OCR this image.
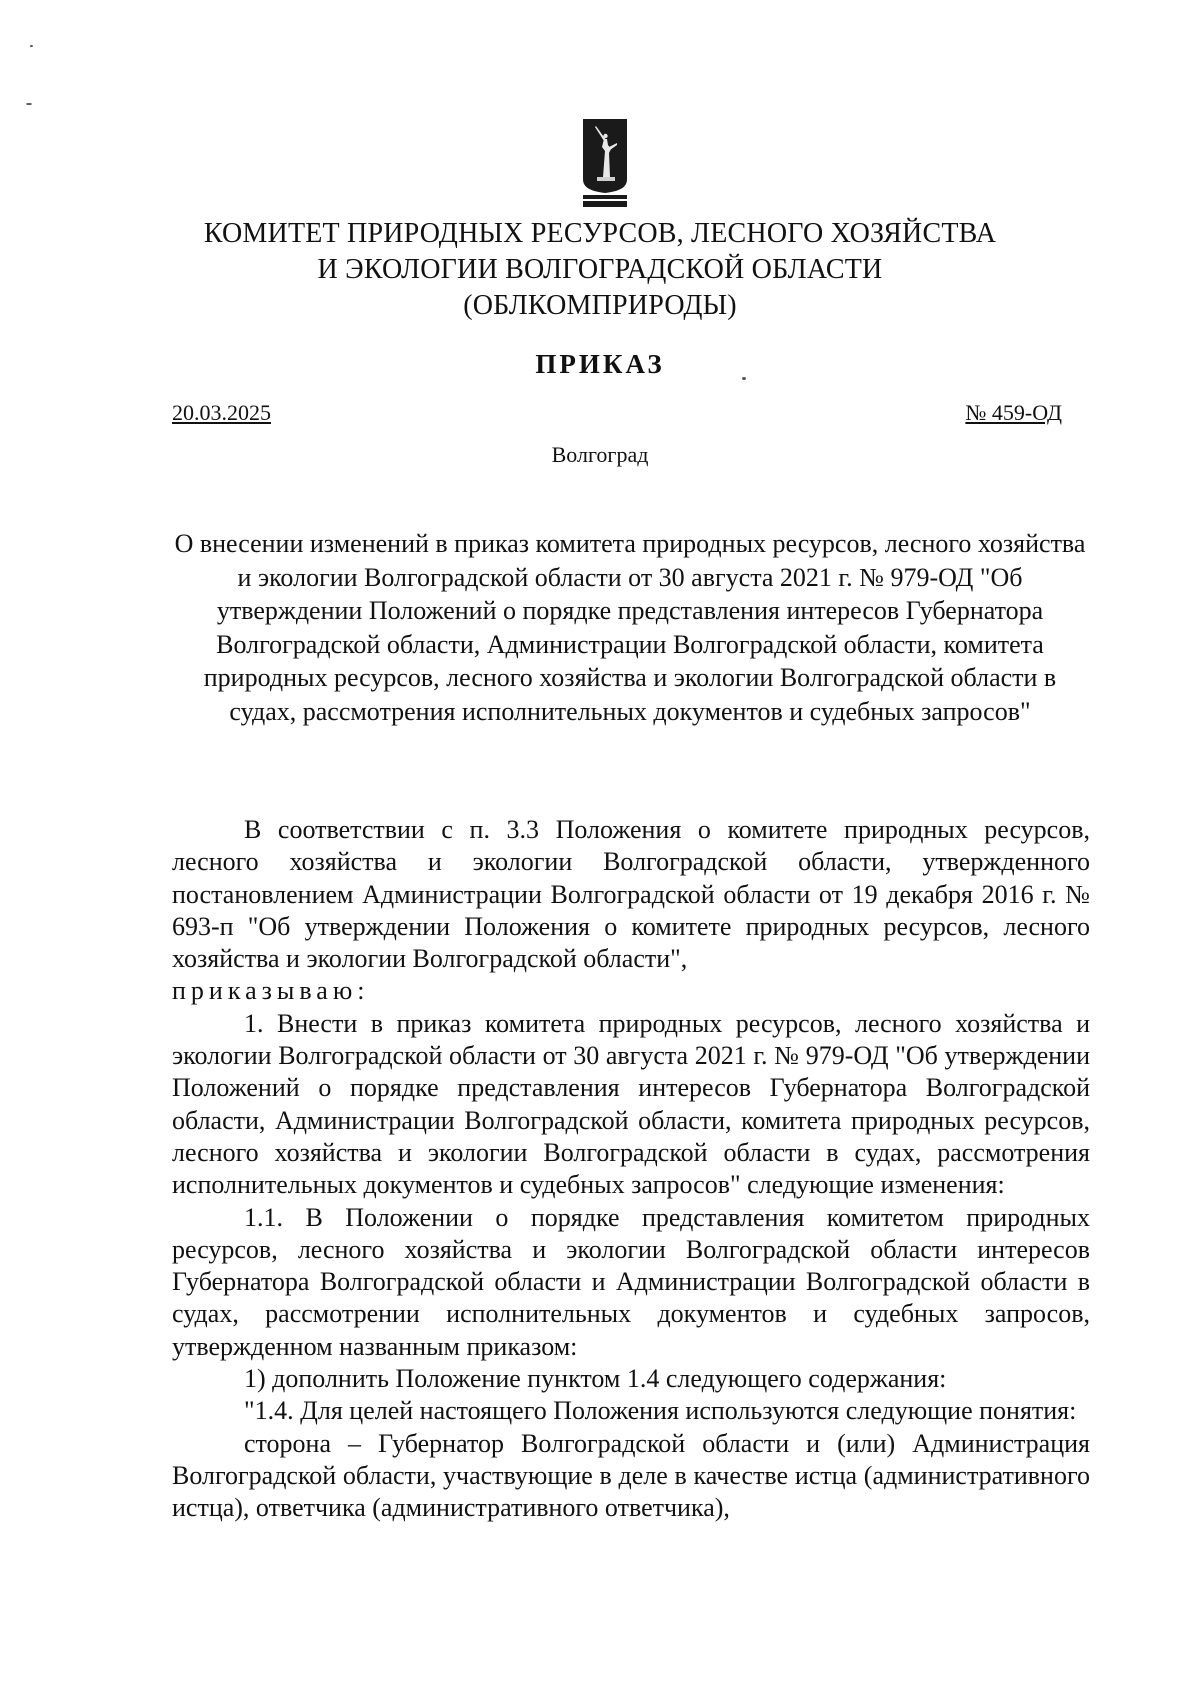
КОМИТЕТ ПРИРОДНЫХ РЕСУРСОВ, ЛЕСНОГО ХОЗЯЙСТВА
И ЭКОЛОГИИ ВОЛГОГРАДСКОЙ ОБЛАСТИ
(ОБЛКОМПРИРОДЫ)
ПРИКАЗ
20.03.2025	№ 459-ОД
Волгоград

О внесении изменений в приказ комитета природных ресурсов, лесного хозяйства и экологии Волгоградской области от 30 августа 2021 г. № 979-ОД "Об утверждении Положений о порядке представления интересов Губернатора Волгоградской области, Администрации Волгоградской области, комитета природных ресурсов, лесного хозяйства и экологии Волгоградской области в судах, рассмотрения исполнительных документов и судебных запросов"

В соответствии с п. 3.3 Положения о комитете природных ресурсов, лесного хозяйства и экологии Волгоградской области, утвержденного постановлением Администрации Волгоградской области от 19 декабря 2016 г. № 693-п "Об утверждении Положения о комитете природных ресурсов, лесного хозяйства и экологии Волгоградской области",

приказываю:

1. Внести в приказ комитета природных ресурсов, лесного хозяйства и экологии Волгоградской области от 30 августа 2021 г. № 979-ОД "Об утверждении Положений о порядке представления интересов Губернатора Волгоградской области, Администрации Волгоградской области, комитета природных ресурсов, лесного хозяйства и экологии Волгоградской области в судах, рассмотрения исполнительных документов и судебных запросов" следующие изменения:

1.1. В Положении о порядке представления комитетом природных ресурсов, лесного хозяйства и экологии Волгоградской области интересов Губернатора Волгоградской области и Администрации Волгоградской области в судах, рассмотрении исполнительных документов и судебных запросов, утвержденном названным приказом:

1) дополнить Положение пунктом 1.4 следующего содержания:

"1.4. Для целей настоящего Положения используются следующие понятия:

сторона – Губернатор Волгоградской области и (или) Администрация Волгоградской области, участвующие в деле в качестве истца (административного истца), ответчика (административного ответчика),
